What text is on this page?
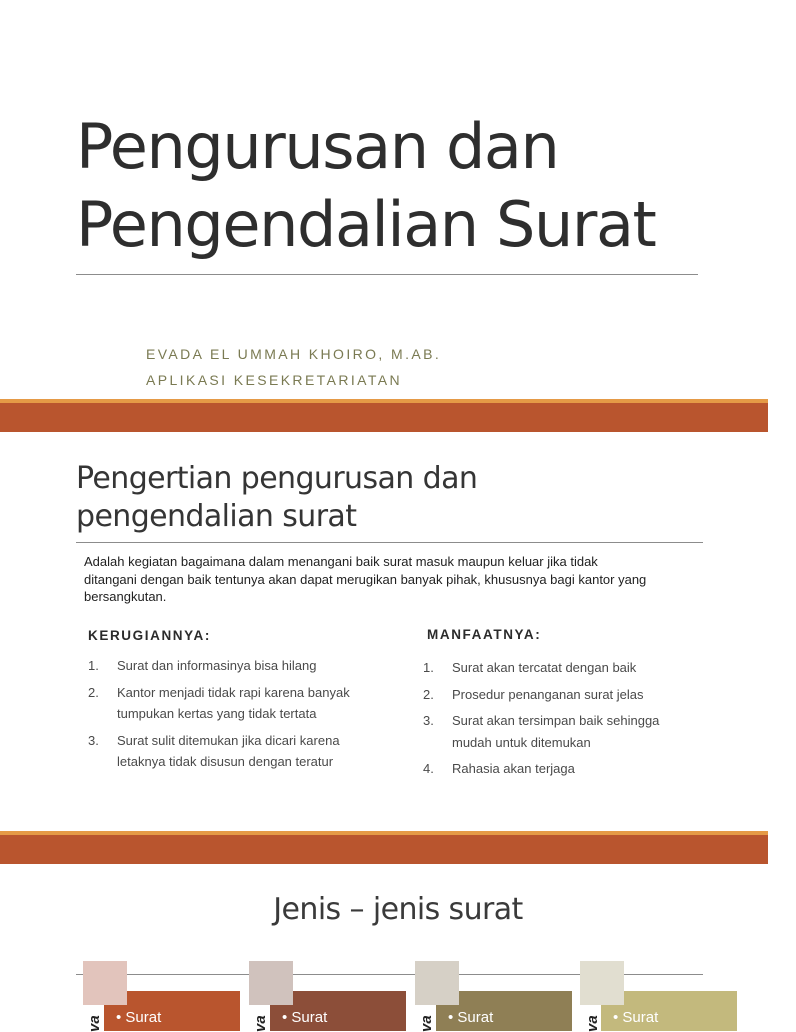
Pengurusan dan
Pengendalian Surat
EVADA EL UMMAH KHOIRO, M.AB.
APLIKASI KESEKRETARIATAN
Pengertian pengurusan dan
pengendalian surat

Adalah kegiatan bagaimana dalam menangani baik surat masuk maupun keluar jika tidak
ditangani dengan baik tentunya akan dapat merugikan banyak pihak, khususnya bagi kantor yang
bersangkutan.

KERUGIANNYA:
1. Surat dan informasinya bisa hilang
2. Kantor menjadi tidak rapi karena banyak
tumpukan kertas yang tidak tertata
3. Surat sulit ditemukan jika dicari karena
letaknya tidak disusun dengan teratur
MANFAATNYA:
1. Surat akan tercatat dengan baik
2. Prosedur penanganan surat jelas
3. Surat akan tersimpan baik sehingga
mudah untuk ditemukan
4. Rahasia akan terjaga
Jenis – jenis surat
va • Surat	va • Surat	va • Surat	va • Surat
